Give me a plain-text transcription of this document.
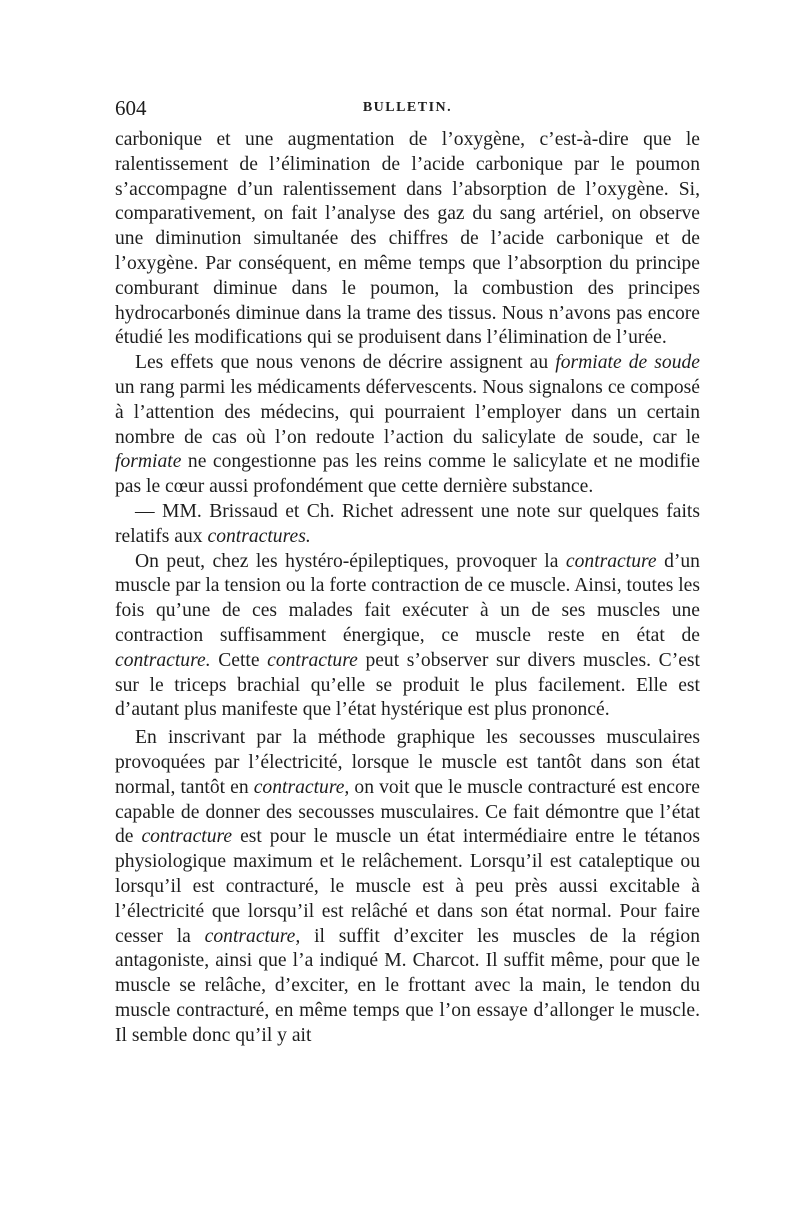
604	BULLETIN.

carbonique et une augmentation de l’oxygène, c’est-à-dire que le ralentissement de l’élimination de l’acide carbonique par le poumon s’accompagne d’un ralentissement dans l’absorption de l’oxygène. Si, comparativement, on fait l’analyse des gaz du sang artériel, on observe une diminution simultanée des chiffres de l’acide carbonique et de l’oxygène. Par conséquent, en même temps que l’absorption du principe comburant diminue dans le poumon, la combustion des principes hydrocarbonés diminue dans la trame des tissus. Nous n’avons pas encore étudié les modifications qui se produisent dans l’élimination de l’urée.

Les effets que nous venons de décrire assignent au formiate de soude un rang parmi les médicaments défervescents. Nous signalons ce composé à l’attention des médecins, qui pourraient l’employer dans un certain nombre de cas où l’on redoute l’action du salicylate de soude, car le formiate ne congestionne pas les reins comme le salicylate et ne modifie pas le cœur aussi profondément que cette dernière substance.

— MM. Brissaud et Ch. Richet adressent une note sur quelques faits relatifs aux contractures.

On peut, chez les hystéro-épileptiques, provoquer la contracture d’un muscle par la tension ou la forte contraction de ce muscle. Ainsi, toutes les fois qu’une de ces malades fait exécuter à un de ses muscles une contraction suffisamment énergique, ce muscle reste en état de contracture. Cette contracture peut s’observer sur divers muscles. C’est sur le triceps brachial qu’elle se produit le plus facilement. Elle est d’autant plus manifeste que l’état hystérique est plus prononcé.

En inscrivant par la méthode graphique les secousses musculaires provoquées par l’électricité, lorsque le muscle est tantôt dans son état normal, tantôt en contracture, on voit que le muscle contracturé est encore capable de donner des secousses musculaires. Ce fait démontre que l’état de contracture est pour le muscle un état intermédiaire entre le tétanos physiologique maximum et le relâchement. Lorsqu’il est cataleptique ou lorsqu’il est contracturé, le muscle est à peu près aussi excitable à l’électricité que lorsqu’il est relâché et dans son état normal. Pour faire cesser la contracture, il suffit d’exciter les muscles de la région antagoniste, ainsi que l’a indiqué M. Charcot. Il suffit même, pour que le muscle se relâche, d’exciter, en le frottant avec la main, le tendon du muscle contracturé, en même temps que l’on essaye d’allonger le muscle. Il semble donc qu’il y ait
